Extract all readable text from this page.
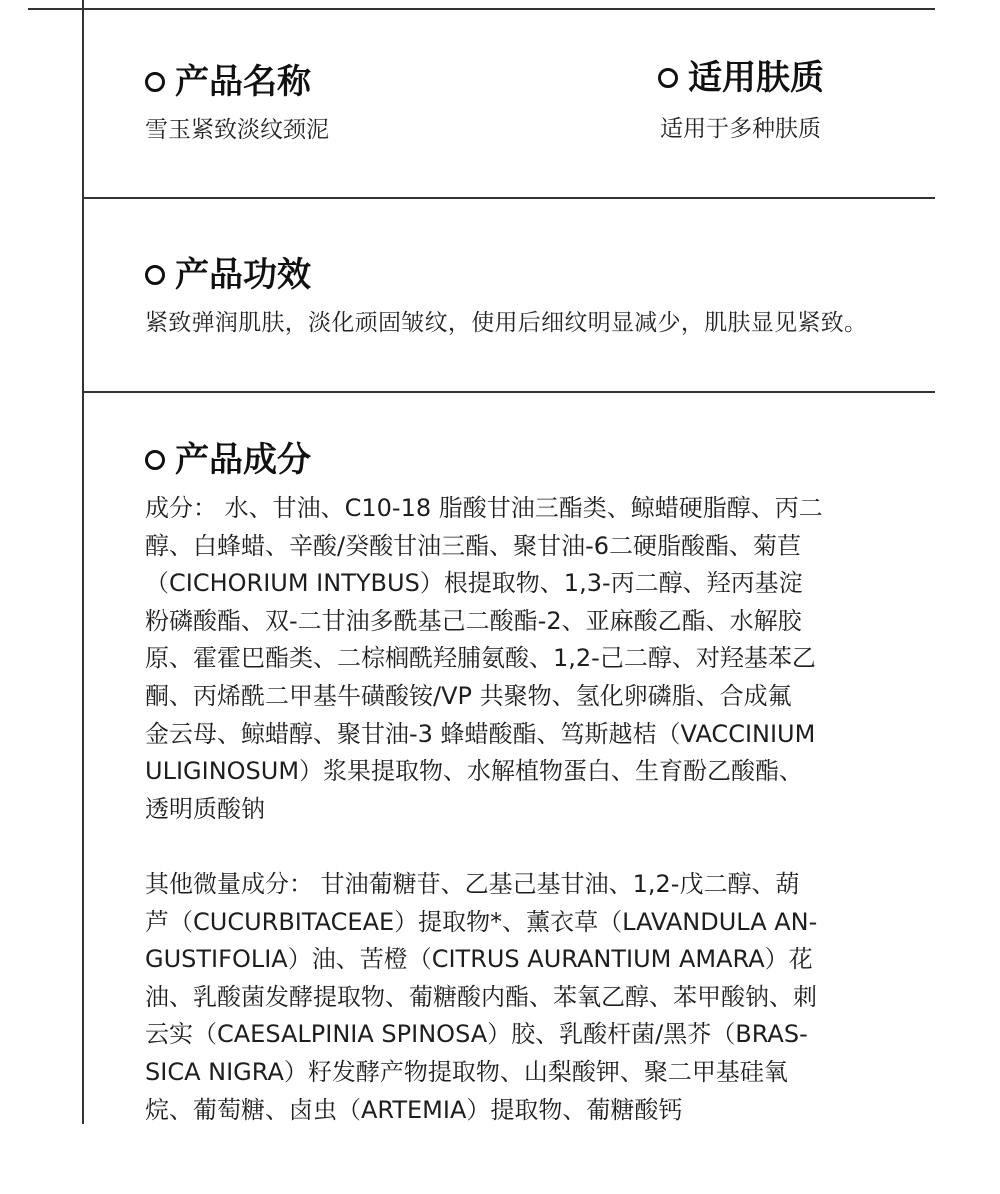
产品名称
雪玉紧致淡纹颈泥
适用肤质
适用于多种肤质
产品功效
紧致弹润肌肤，淡化顽固皱纹，使用后细纹明显减少，肌肤显见紧致。
产品成分
成分： 水、甘油、C10-18 脂酸甘油三酯类、鲸蜡硬脂醇、丙二
醇、白蜂蜡、辛酸/癸酸甘油三酯、聚甘油-6二硬脂酸酯、菊苣
（CICHORIUM INTYBUS）根提取物、1,3-丙二醇、羟丙基淀
粉磷酸酯、双-二甘油多酰基己二酸酯-2、亚麻酸乙酯、水解胶
原、霍霍巴酯类、二棕榈酰羟脯氨酸、1,2-己二醇、对羟基苯乙
酮、丙烯酰二甲基牛磺酸铵/VP 共聚物、氢化卵磷脂、合成氟
金云母、鲸蜡醇、聚甘油-3 蜂蜡酸酯、笃斯越桔（VACCINIUM
ULIGINOSUM）浆果提取物、水解植物蛋白、生育酚乙酸酯、
透明质酸钠
其他微量成分： 甘油葡糖苷、乙基己基甘油、1,2-戊二醇、葫
芦（CUCURBITACEAE）提取物*、薰衣草（LAVANDULA AN-
GUSTIFOLIA）油、苦橙（CITRUS AURANTIUM AMARA）花
油、乳酸菌发酵提取物、葡糖酸内酯、苯氧乙醇、苯甲酸钠、刺
云实（CAESALPINIA SPINOSA）胶、乳酸杆菌/黑芥（BRAS-
SICA NIGRA）籽发酵产物提取物、山梨酸钾、聚二甲基硅氧
烷、葡萄糖、卤虫（ARTEMIA）提取物、葡糖酸钙
